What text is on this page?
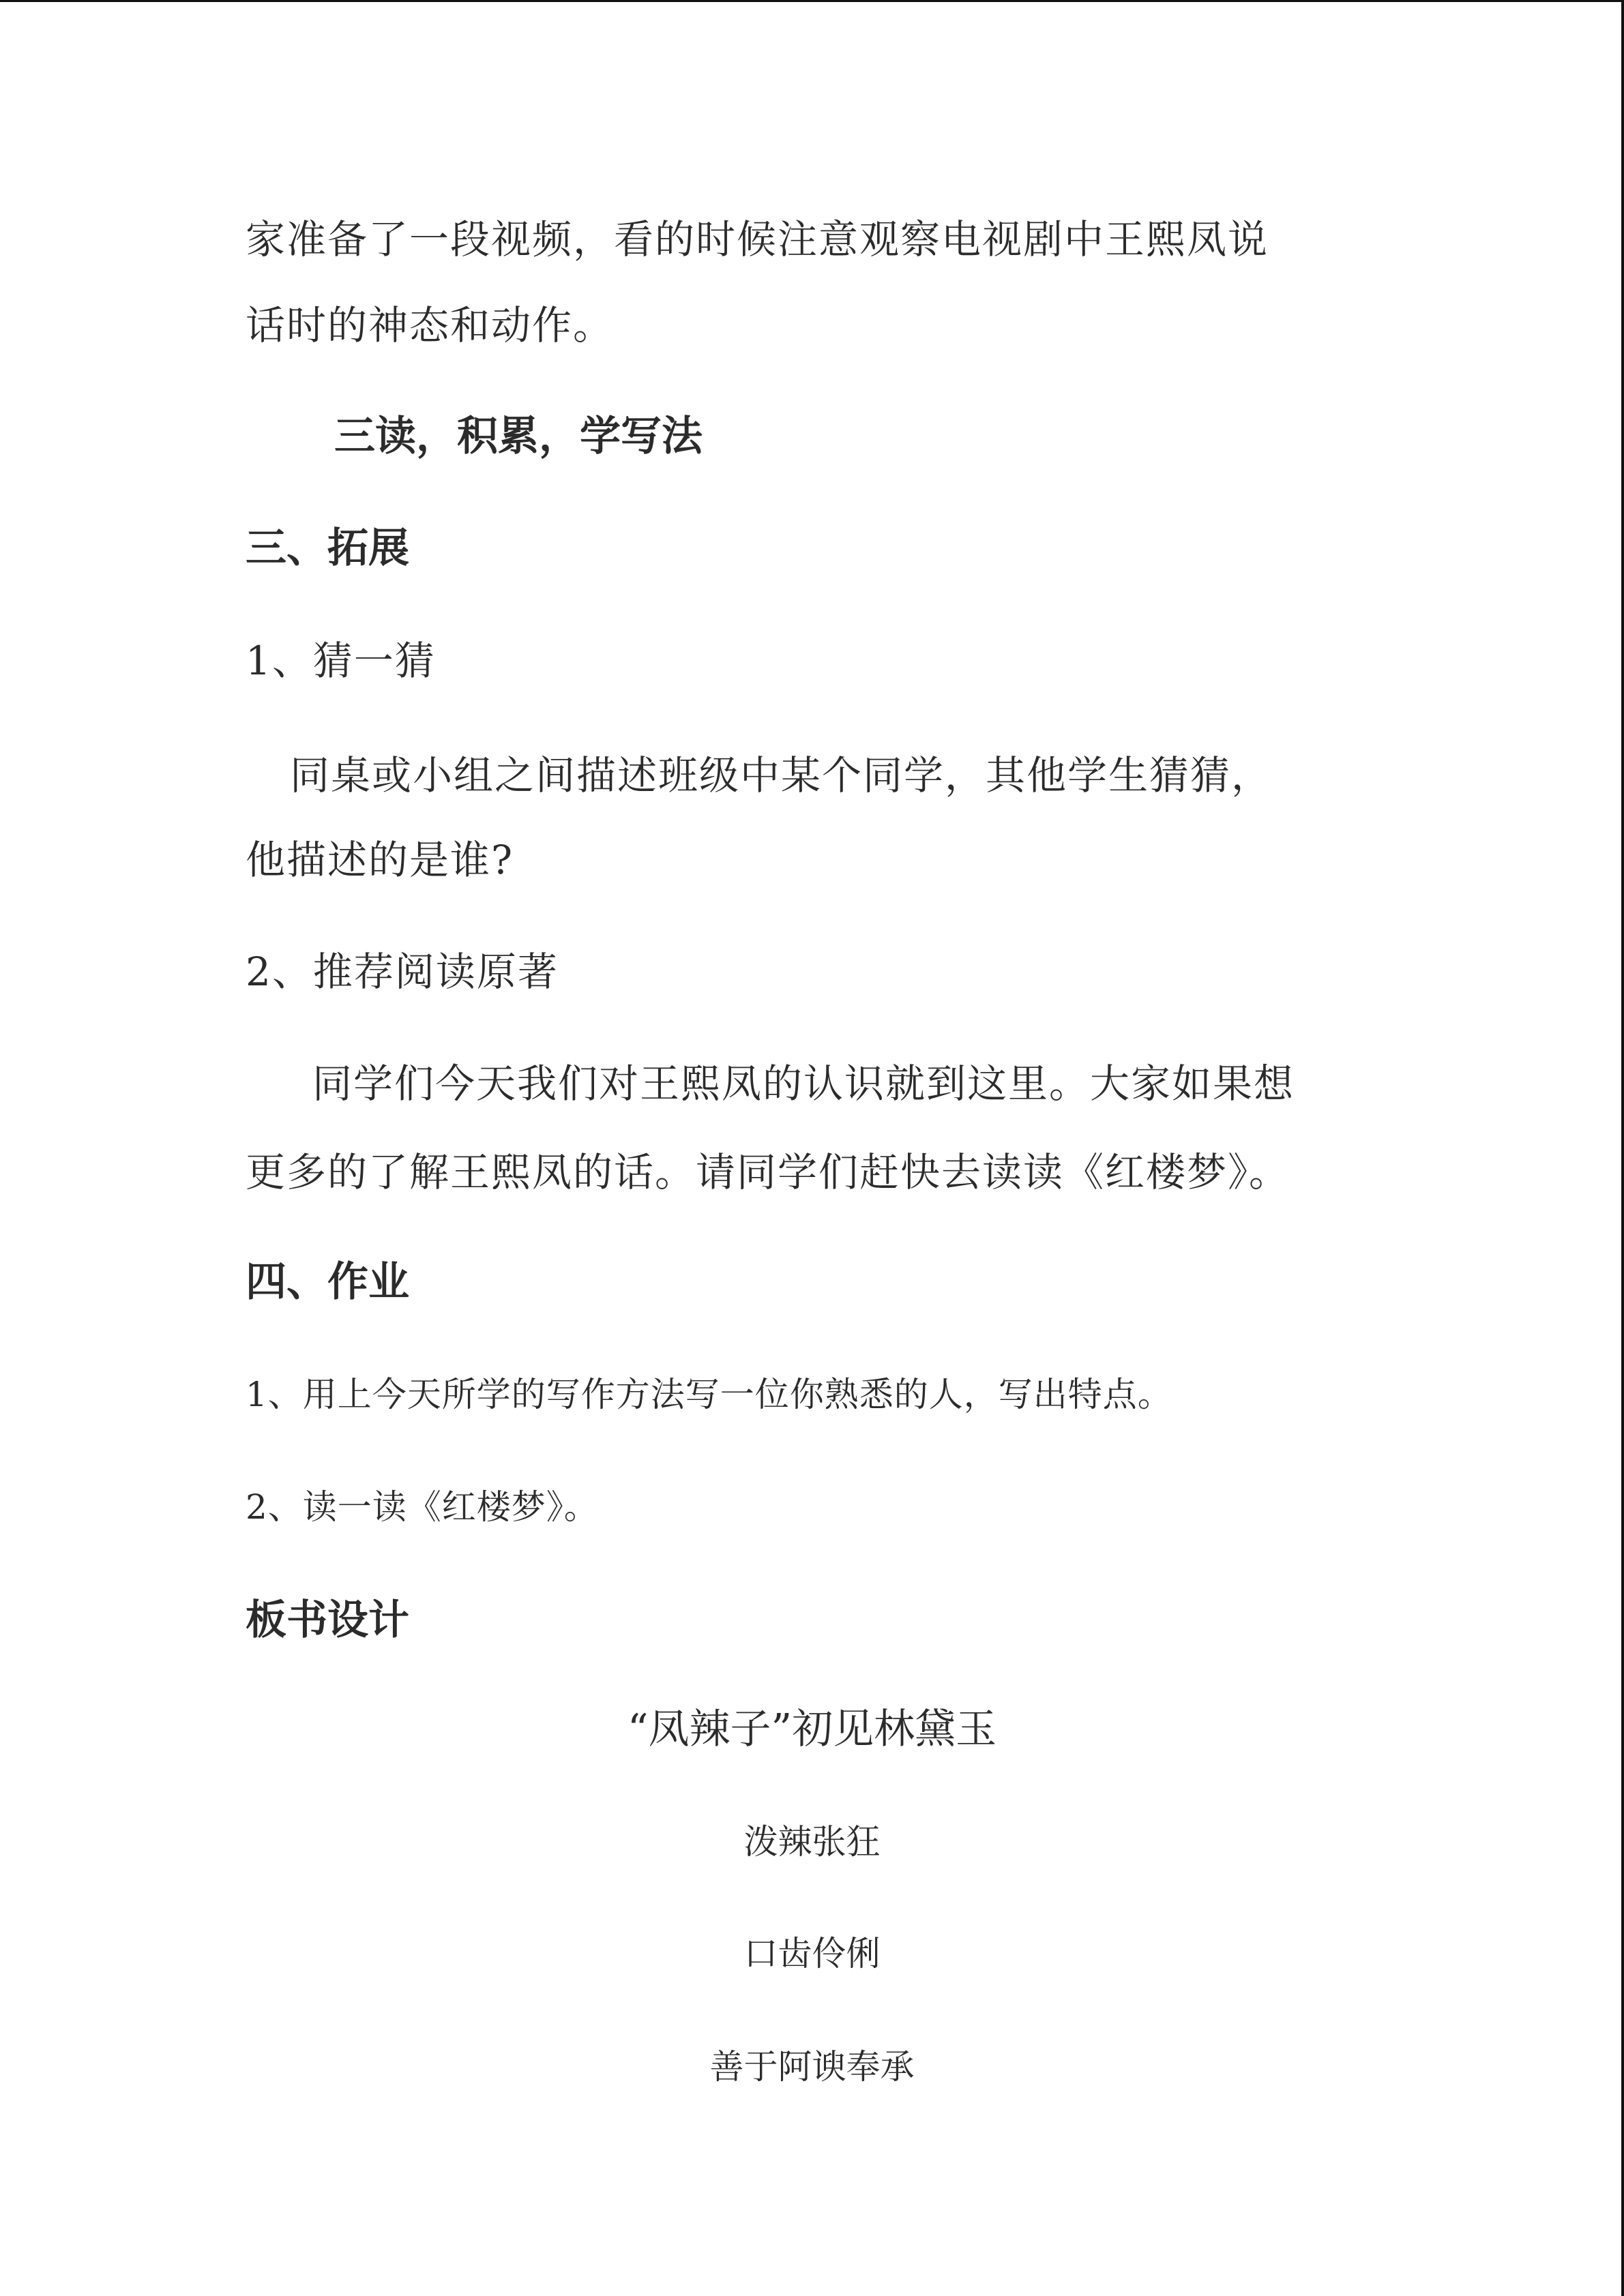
家准备了一段视频，看的时候注意观察电视剧中王熙凤说
话时的神态和动作。
三读，积累，学写法
三、拓展
1、猜一猜
同桌或小组之间描述班级中某个同学，其他学生猜猜，
他描述的是谁?
2、推荐阅读原著
同学们今天我们对王熙凤的认识就到这里。大家如果想
更多的了解王熙凤的话。请同学们赶快去读读《红楼梦》。
四、作业
1、用上今天所学的写作方法写一位你熟悉的人，写出特点。
2、读一读《红楼梦》。
板书设计
“凤辣子”初见林黛玉
泼辣张狂
口齿伶俐
善于阿谀奉承
